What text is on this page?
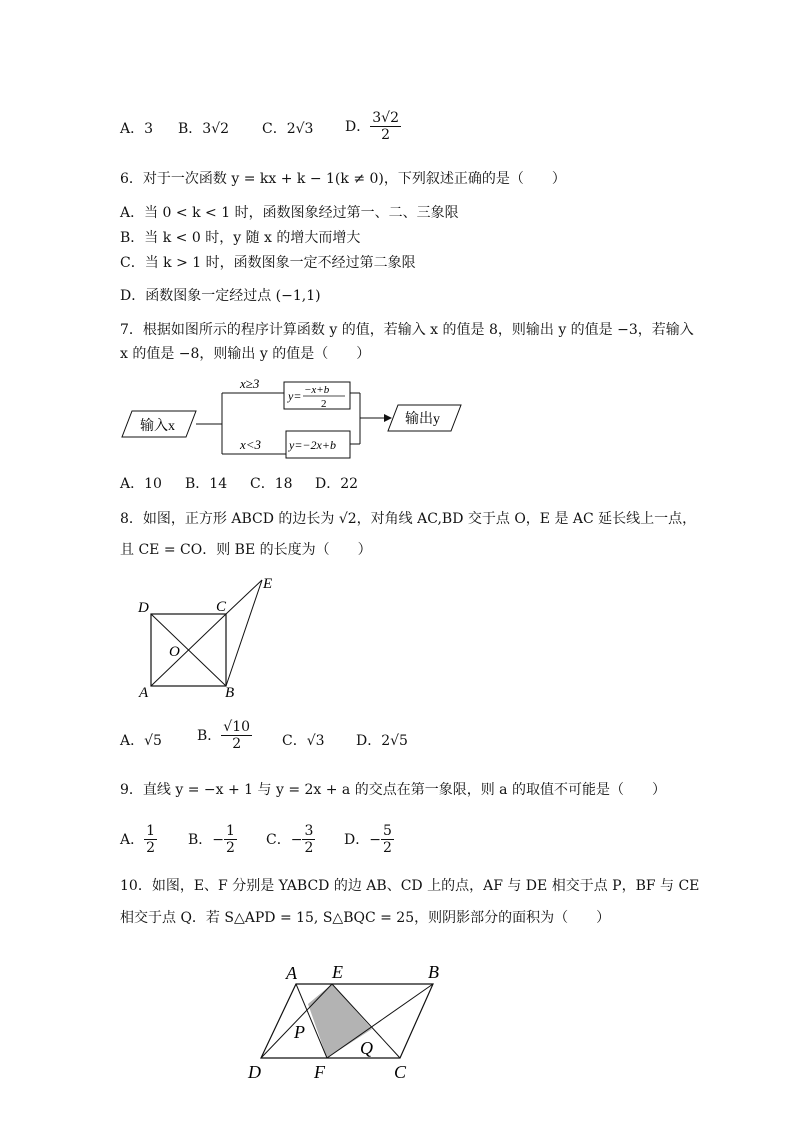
A．3 B．3√2 C．2√3 D． $\frac{3√2}{2}$
6．对于一次函数 y = kx + k − 1(k ≠ 0)，下列叙述正确的是（　　）
A．当 0 < k < 1 时，函数图象经过第一、二、三象限
B．当 k < 0 时，y 随 x 的增大而增大
C．当 k > 1 时，函数图象一定不经过第二象限
D．函数图象一定经过点 (−1,1)
7．根据如图所示的程序计算函数 y 的值，若输入 x 的值是 8，则输出 y 的值是 −3，若输入
x 的值是 −8，则输出 y 的值是（　　）
输入x
x≥3
x<3
y= −x+b
2
y=−2x+b
输出y
A．10 B．14 C．18 D．22
8．如图，正方形 ABCD 的边长为 √2，对角线 AC,BD 交于点 O，E 是 AC 延长线上一点，
且 CE = CO．则 BE 的长度为（　　）
D	C
E
O
A	B
A．√5	B． $\frac{√10}{2}$ C．√3 D．2√5
9．直线 y = −x + 1 与 y = 2x + a 的交点在第一象限，则 a 的取值不可能是（　　）
A． $\frac{1}{2}$ B． − $\frac{1}{2}$ C． − $\frac{3}{2}$ D． − $\frac{5}{2}$
10．如图，E、F 分别是 YABCD 的边 AB、CD 上的点，AF 与 DE 相交于点 P，BF 与 CE
相交于点 Q．若 S△APD = 15, S△BQC = 25，则阴影部分的面积为（　　）
A E	B
P
Q
D	F	C
